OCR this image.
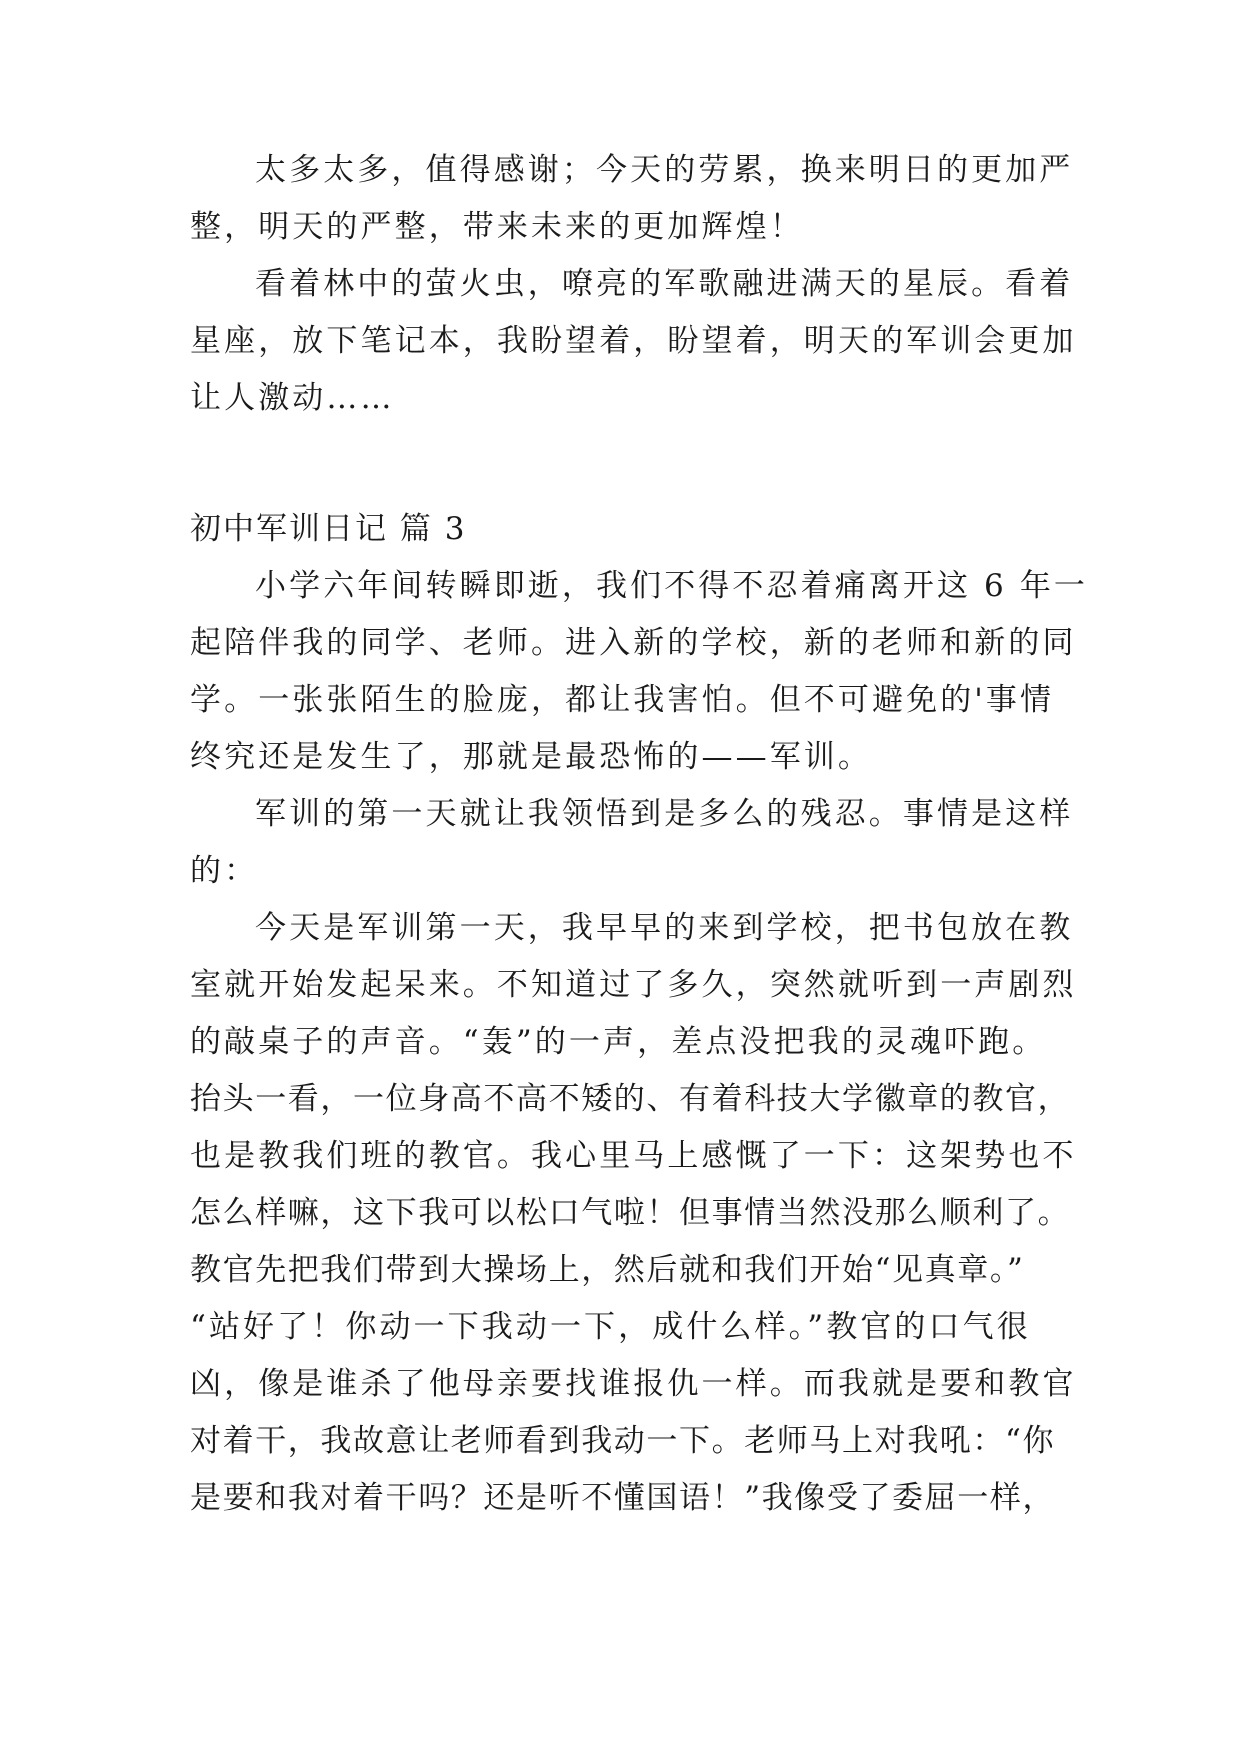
太多太多，值得感谢；今天的劳累，换来明日的更加严
整，明天的严整，带来未来的更加辉煌！
看着林中的萤火虫，嘹亮的军歌融进满天的星辰。看着
星座，放下笔记本，我盼望着，盼望着，明天的军训会更加
让人激动……
初中军训日记 篇 3
小学六年间转瞬即逝，我们不得不忍着痛离开这 6 年一
起陪伴我的同学、老师。进入新的学校，新的老师和新的同
学。一张张陌生的脸庞，都让我害怕。但不可避免的'事情
终究还是发生了，那就是最恐怖的——军训。
军训的第一天就让我领悟到是多么的残忍。事情是这样
的：
今天是军训第一天，我早早的来到学校，把书包放在教
室就开始发起呆来。不知道过了多久，突然就听到一声剧烈
的敲桌子的声音。“轰”的一声，差点没把我的灵魂吓跑。
抬头一看，一位身高不高不矮的、有着科技大学徽章的教官，
也是教我们班的教官。我心里马上感慨了一下：这架势也不
怎么样嘛，这下我可以松口气啦！但事情当然没那么顺利了。
教官先把我们带到大操场上，然后就和我们开始“见真章。”
“站好了！你动一下我动一下，成什么样。”教官的口气很
凶，像是谁杀了他母亲要找谁报仇一样。而我就是要和教官
对着干，我故意让老师看到我动一下。老师马上对我吼：“你
是要和我对着干吗？还是听不懂国语！”我像受了委屈一样，
